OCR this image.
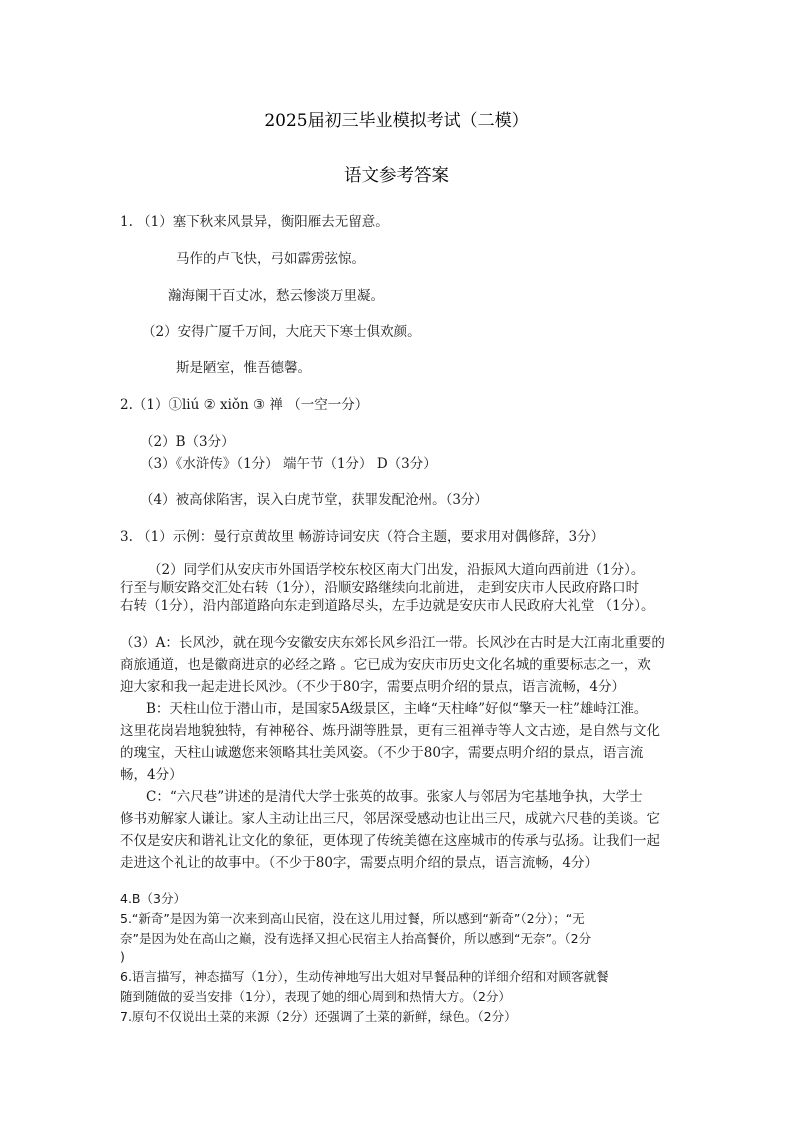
2025届初三毕业模拟考试（二模）
语文参考答案
1. （1）塞下秋来风景异，衡阳雁去无留意。
马作的卢飞快，弓如霹雳弦惊。
瀚海阑干百丈冰，愁云惨淡万里凝。
（2）安得广厦千万间，大庇天下寒士俱欢颜。
斯是陋室，惟吾德馨。
2.（1）①liú ② xiǒn ③ 禅 （一空一分）
（2）B（3分）
（3）《水浒传》（1分） 端午节（1分） D（3分）
（4）被高俅陷害，误入白虎节堂，获罪发配沧州。（3分）
3. （1）示例：曼行京黄故里 畅游诗词安庆（符合主题，要求用对偶修辞，3分）
（2）同学们从安庆市外国语学校东校区南大门出发，沿振风大道向西前进（1分）。
行至与顺安路交汇处右转（1分），沿顺安路继续向北前进， 走到安庆市人民政府路口时
右转（1分），沿内部道路向东走到道路尽头，左手边就是安庆市人民政府大礼堂 （1分）。
（3）A：长风沙，就在现今安徽安庆东郊长风乡沿江一带。长风沙在古时是大江南北重要的
商旅通道，也是徽商进京的必经之路 。它已成为安庆市历史文化名城的重要标志之一，欢
迎大家和我一起走进长风沙。（不少于80字，需要点明介绍的景点，语言流畅，4分）
B：天柱山位于潜山市，是国家5A级景区，主峰“天柱峰”好似“擎天一柱”雄峙江淮。
这里花岗岩地貌独特，有神秘谷、炼丹湖等胜景，更有三祖禅寺等人文古迹，是自然与文化
的瑰宝，天柱山诚邀您来领略其壮美风姿。（不少于80字，需要点明介绍的景点，语言流
畅，4分）
C：“六尺巷”讲述的是清代大学士张英的故事。张家人与邻居为宅基地争执，大学士
修书劝解家人谦让。家人主动让出三尺，邻居深受感动也让出三尺，成就六尺巷的美谈。它
不仅是安庆和谐礼让文化的象征，更体现了传统美德在这座城市的传承与弘扬。让我们一起
走进这个礼让的故事中。（不少于80字，需要点明介绍的景点，语言流畅，4分）
4.B（3分）
5.“新奇”是因为第一次来到高山民宿，没在这儿用过餐，所以感到“新奇”（2分）；“无
奈”是因为处在高山之巅，没有选择又担心民宿主人抬高餐价，所以感到“无奈”。（2分
)
6.语言描写，神态描写（1分），生动传神地写出大姐对早餐品种的详细介绍和对顾客就餐
随到随做的妥当安排（1分），表现了她的细心周到和热情大方。（2分）
7.原句不仅说出土菜的来源（2分）还强调了土菜的新鲜，绿色。（2分）
